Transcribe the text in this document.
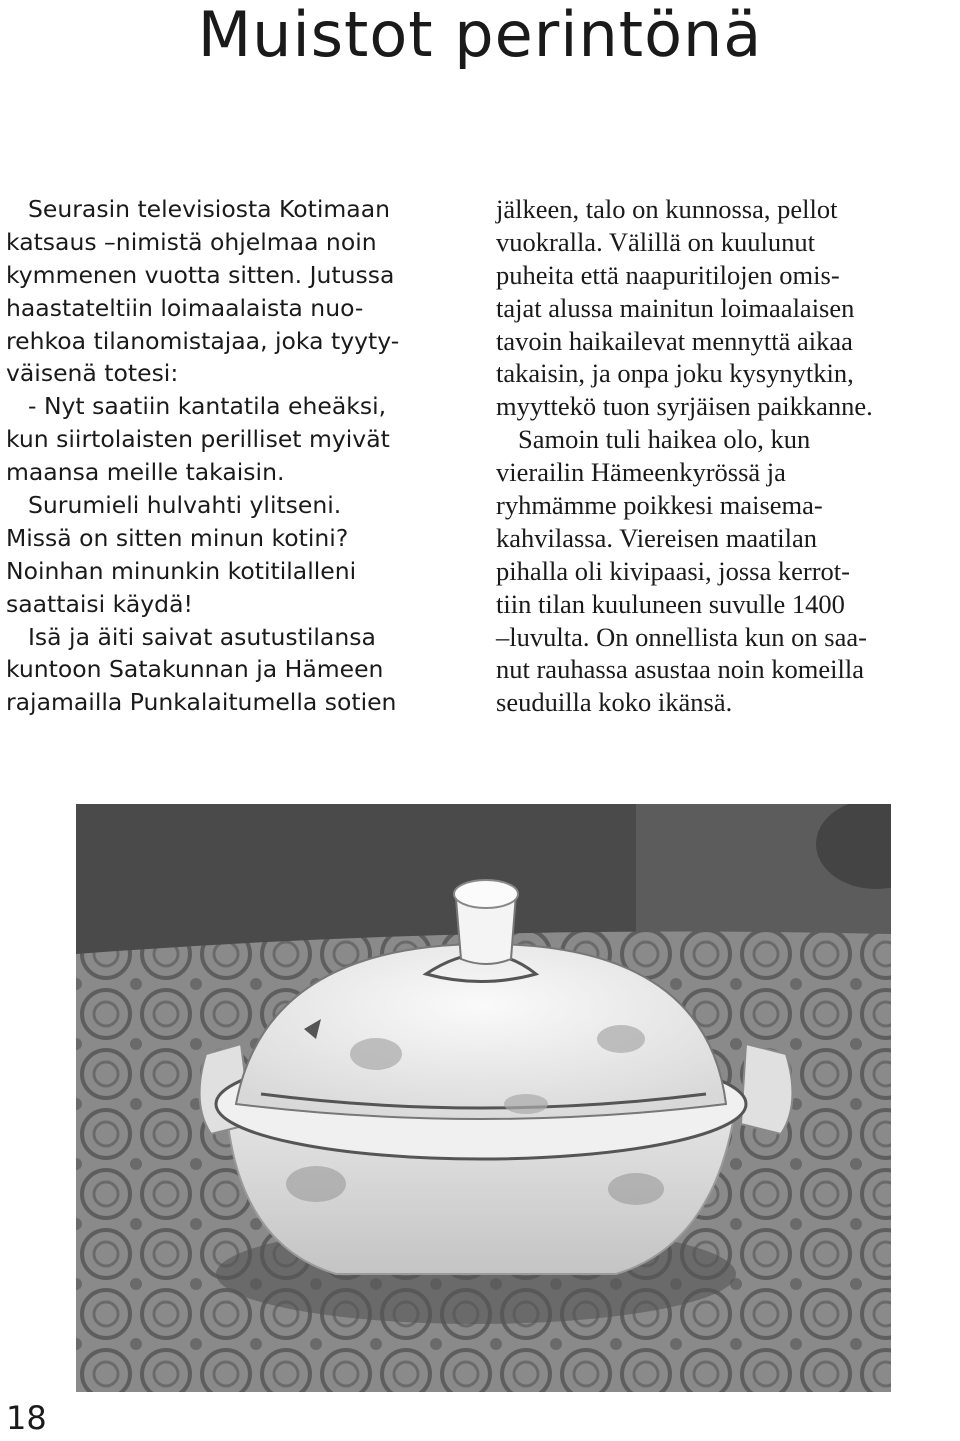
Muistot perintönä
Seurasin televisiosta Kotimaan
katsaus –nimistä ohjelmaa noin
kymmenen vuotta sitten. Jutussa
haastateltiin loimaalaista nuo-
rehkoa tilanomistajaa, joka tyyty-
väisenä totesi:
- Nyt saatiin kantatila eheäksi,
kun siirtolaisten perilliset myivät
maansa meille takaisin.
Surumieli hulvahti ylitseni.
Missä on sitten minun kotini?
Noinhan minunkin kotitilalleni
saattaisi käydä!
Isä ja äiti saivat asutustilansa
kuntoon Satakunnan ja Hämeen
rajamailla Punkalaitumella sotien
jälkeen, talo on kunnossa, pellot
vuokralla. Välillä on kuulunut
puheita että naapuritilojen omis-
tajat alussa mainitun loimaalaisen
tavoin haikailevat mennyttä aikaa
takaisin, ja onpa joku kysynytkin,
myyttekö tuon syrjäisen paikkanne.
Samoin tuli haikea olo, kun
vierailin Hämeenkyrössä ja
ryhmämme poikkesi maisema-
kahvilassa. Viereisen maatilan
pihalla oli kivipaasi, jossa kerrot-
tiin tilan kuuluneen suvulle 1400
–luvulta. On onnellista kun on saa-
nut rauhassa asustaa noin komeilla
seuduilla koko ikänsä.
18
